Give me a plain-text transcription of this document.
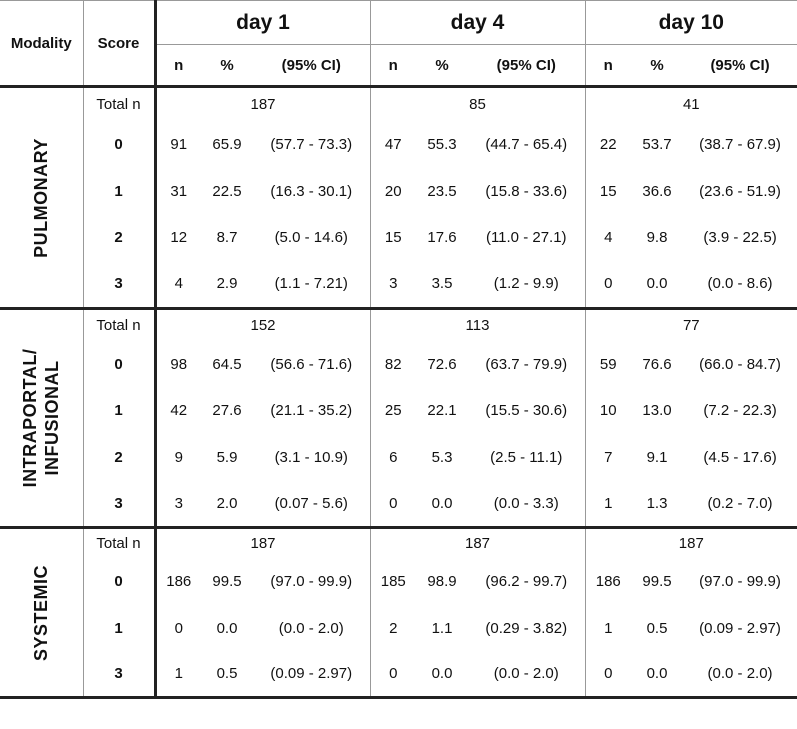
Modality	Score	day 1			day 4			day 10		
		n	%	(95% CI)	n	%	(95% CI)	n	%	(95% CI)

PULMONARY	Total n	187			85			41		
	0	91	65.9	(57.7 - 73.3)	47	55.3	(44.7 - 65.4)	22	53.7	(38.7 - 67.9)
	1	31	22.5	(16.3 - 30.1)	20	23.5	(15.8 - 33.6)	15	36.6	(23.6 - 51.9)
	2	12	8.7	(5.0 - 14.6)	15	17.6	(11.0 - 27.1)	4	9.8	(3.9 - 22.5)
	3	4	2.9	(1.1 - 7.21)	3	3.5	(1.2 - 9.9)	0	0.0	(0.0 - 8.6)

INTRAPORTAL/
INFUSIONAL	Total n	152			113			77		
	0	98	64.5	(56.6 - 71.6)	82	72.6	(63.7 - 79.9)	59	76.6	(66.0 - 84.7)
	1	42	27.6	(21.1 - 35.2)	25	22.1	(15.5 - 30.6)	10	13.0	(7.2 - 22.3)
	2	9	5.9	(3.1 - 10.9)	6	5.3	(2.5 - 11.1)	7	9.1	(4.5 - 17.6)
	3	3	2.0	(0.07 - 5.6)	0	0.0	(0.0 - 3.3)	1	1.3	(0.2 - 7.0)

SYSTEMIC	Total n	187			187			187		
	0	186	99.5	(97.0 - 99.9)	185	98.9	(96.2 - 99.7)	186	99.5	(97.0 - 99.9)
	1	0	0.0	(0.0 - 2.0)	2	1.1	(0.29 - 3.82)	1	0.5	(0.09 - 2.97)
	3	1	0.5	(0.09 - 2.97)	0	0.0	(0.0 - 2.0)	0	0.0	(0.0 - 2.0)
